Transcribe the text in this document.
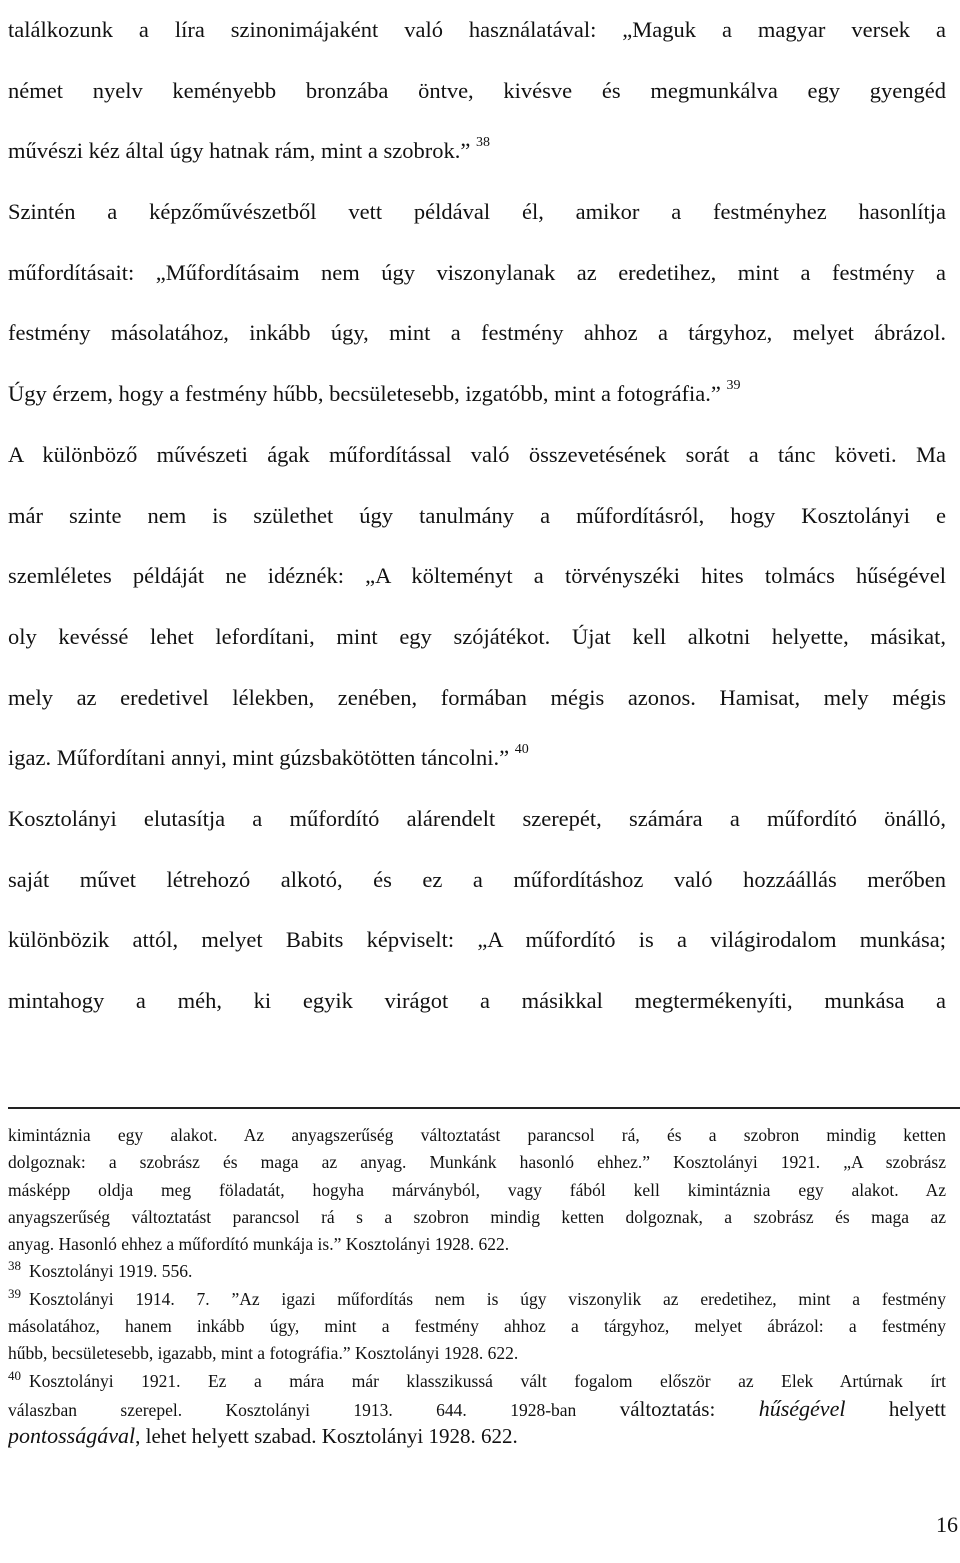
találkozunk a líra szinonimájaként való használatával: „Maguk a magyar versek a
német nyelv keményebb bronzába öntve, kivésve és megmunkálva egy gyengéd
művészi kéz által úgy hatnak rám, mint a szobrok.” $^{38}$
Szintén a képzőművészetből vett példával él, amikor a festményhez hasonlítja
műfordításait: „Műfordításaim nem úgy viszonylanak az eredetihez, mint a festmény a
festmény másolatához, inkább úgy, mint a festmény ahhoz a tárgyhoz, melyet ábrázol.
Úgy érzem, hogy a festmény hűbb, becsületesebb, izgatóbb, mint a fotográfia.” $^{39}$
A különböző művészeti ágak műfordítással való összevetésének sorát a tánc követi. Ma
már szinte nem is születhet úgy tanulmány a műfordításról, hogy Kosztolányi e
szemléletes példáját ne idéznék: „A költeményt a törvényszéki hites tolmács hűségével
oly kevéssé lehet lefordítani, mint egy szójátékot. Újat kell alkotni helyette, másikat,
mely az eredetivel lélekben, zenében, formában mégis azonos. Hamisat, mely mégis
igaz. Műfordítani annyi, mint gúzsbakötötten táncolni.” $^{40}$
Kosztolányi elutasítja a műfordító alárendelt szerepét, számára a műfordító önálló,
saját művet létrehozó alkotó, és ez a műfordításhoz való hozzáállás merőben
különbözik attól, melyet Babits képviselt: „A műfordító is a világirodalom munkása;
mintahogy a méh, ki egyik virágot a másikkal megtermékenyíti, munkása a
kimintáznia egy alakot. Az anyagszerűség változtatást parancsol rá, és a szobron mindig ketten
dolgoznak: a szobrász és maga az anyag. Munkánk hasonló ehhez.” Kosztolányi 1921. „A szobrász
másképp oldja meg föladatát, hogyha márványból, vagy fából kell kimintáznia egy alakot. Az
anyagszerűség változtatást parancsol rá s a szobron mindig ketten dolgoznak, a szobrász és maga az
anyag. Hasonló ehhez a műfordító munkája is.” Kosztolányi 1928. 622.
$^{38}$ Kosztolányi 1919. 556.
$^{39}$ Kosztolányi 1914. 7. ”Az igazi műfordítás nem is úgy viszonylik az eredetihez, mint a festmény
másolatához, hanem inkább úgy, mint a festmény ahhoz a tárgyhoz, melyet ábrázol: a festmény
hűbb, becsületesebb, igazabb, mint a fotográfia.” Kosztolányi 1928. 622.
$^{40}$ Kosztolányi 1921. Ez a mára már klasszikussá vált fogalom először az Elek Artúrnak írt
válaszban szerepel. Kosztolányi 1913. 644. 1928-ban változtatás: hűségével helyett
pontosságával, lehet helyett szabad. Kosztolányi 1928. 622.
16
